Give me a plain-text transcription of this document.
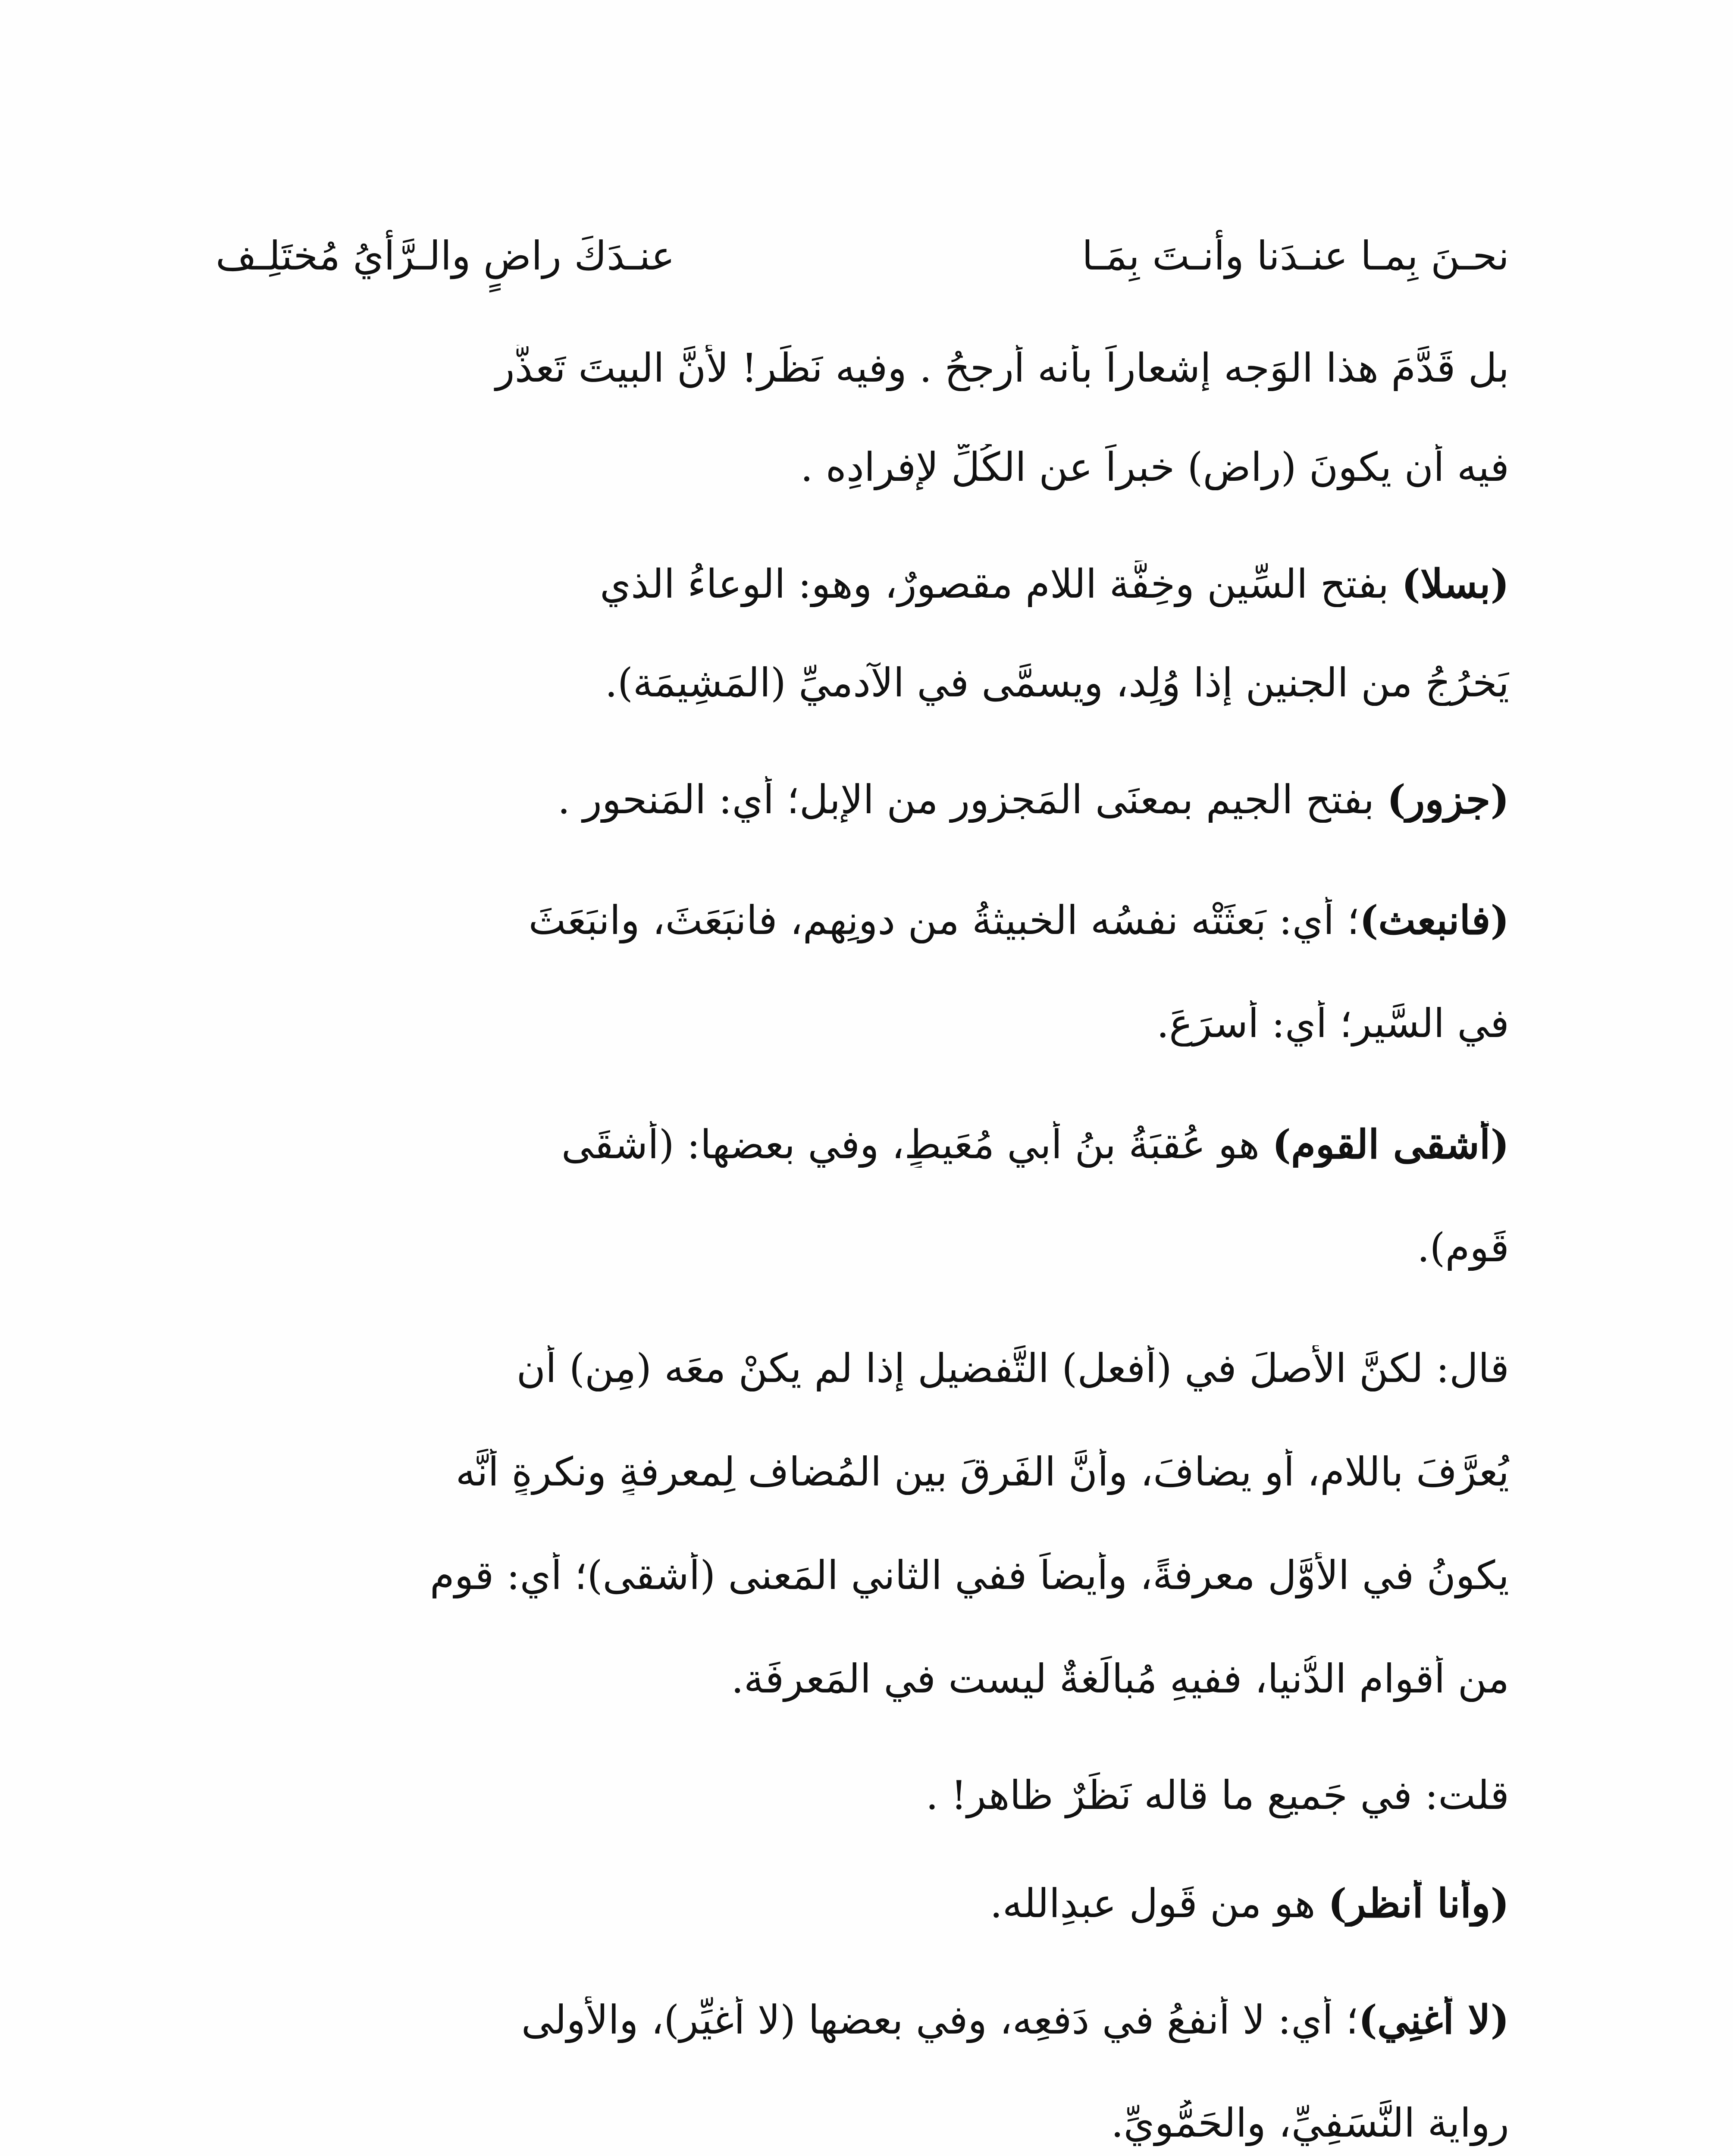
نحـنَ بِمـا عنـدَنا وأنـتَ بِمَـا
عنـدَكَ راضٍ والـرَّأيُ مُختَلِـف
بل قَدَّمَ هذا الوَجه إشعاراً بأنه أرجحُ . وفيه نَظَر! لأنَّ البيتَ تَعذَّر
فيه أن يكونَ (راضٍ) خبراً عن الكُلِّ لإفرادِه .
(بسلا) بفتح السِّين وخِفَّة اللام مقصورٌ، وهو: الوِعاءُ الذي
يَخرُجُ من الجنينِ إذا وُلِد، ويسمَّى في الآدميِّ (المَشِيمَة).
(جزور) بفتح الجيم بمعنَى المَجزور من الإبل؛ أي: المَنحورِ .
(فانبعث)؛ أي: بَعثَتْه نفسُه الخبيثةُ من دونِهم، فانبَعَثَ، وانبَعَثَ
في السَّير؛ أي: أسرَعَ.
(أشقى القوم) هو عُقبَةُ بنُ أبي مُعَيطٍ، وفي بعضها: (أشقَى
قَومٍ).
قال: لكنَّ الأصلَ في (أفعل) التَّفضيل إذا لم يكنْ معَه (مِن) أن
يُعرَّفَ باللام، أو يضافَ، وأنَّ الفَرقَ بين المُضاف لِمعرفةٍ ونكرةٍ أنَّه
يكونُ في الأوَّل معرفةً، وأيضاً ففي الثاني المَعنى (أشقى)؛ أي: قوم
من أقوامِ الدُّنيا، ففيهِ مُبالَغةٌ ليست في المَعرِفَة.
قلت: في جَميعِ ما قاله نَظَرٌ ظاهر! .
(وأنا أنظر) هو من قَول عبدِالله.
(لا أُغنِي)؛ أي: لا أنفعُ في دَفعِه، وفي بعضها (لا أُغيِّر)، والأولى
رواية النَّسَفِيِّ، والحَمُّوِيِّ.
